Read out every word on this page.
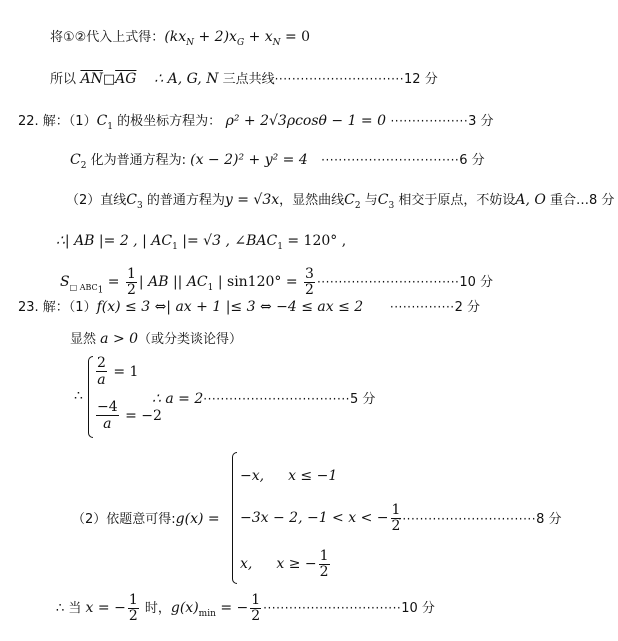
将①②代入上式得：$(kx_N + 2)x_G + x_N = 0$
所以 $\overline{AN}□\overline{AG}$ ∴ A, G, N 三点共线······························12 分
22. 解：$(1)C_1$ 的极坐标方程为： ρ² + 2√3ρcosθ − 1 = 0 ··················3 分
$C_2$ 化为普通方程为: (x − 2)² + y² = 4 ································6 分
（2）直线$C_3$ 的普通方程为y = √3x，显然曲线$C_2$ 与$C_3$ 相交于原点，不妨设A, O 重合…8 分
∴| AB |= 2 , | $AC_1$ |= √3 , $\angle BAC_1 = 120^\circ$ ,
$S_{□ ABC_1} = \frac{1}{2}$ | AB || $AC_1$ | $\sin 120^\circ = \frac{3}{2} \cdot\cdot\cdot\cdot\cdot\cdot\cdot\cdot\cdot\cdot\cdot\cdot\cdot\cdot\cdot\cdot\cdot\cdot\cdot\cdot\cdot\cdot\cdot\cdot\cdot\cdot\cdot\cdot\cdot\cdot\cdot\cdot\cdot 10$ 分
23. 解：（1）f(x) ≤ 3 ⇔| ax + 1 |≤ 3 ⇔ −4 ≤ ax ≤ 2 ···············2 分
显然 a > 0（或分类谈论得）
∴
$\frac{2}{a} = 1$
$\frac{-4}{a} = -2$
∴ a = 2··································5 分
（2）依题意可得:g(x) =
−x, x ≤ −1
−3x − 2, −1 < x < − $\frac{1}{2}$
x, x ≥ − $\frac{1}{2}$
································8 分
∴ 当 x = − $\frac{1}{2}$ 时，$g(x)_{min}$ = − $\frac{1}{2} \cdot\cdot\cdot\cdot\cdot\cdot\cdot\cdot\cdot\cdot\cdot\cdot\cdot\cdot\cdot\cdot\cdot\cdot\cdot\cdot\cdot\cdot\cdot\cdot\cdot\cdot\cdot\cdot\cdot\cdot\cdot\cdot 10$ 分
